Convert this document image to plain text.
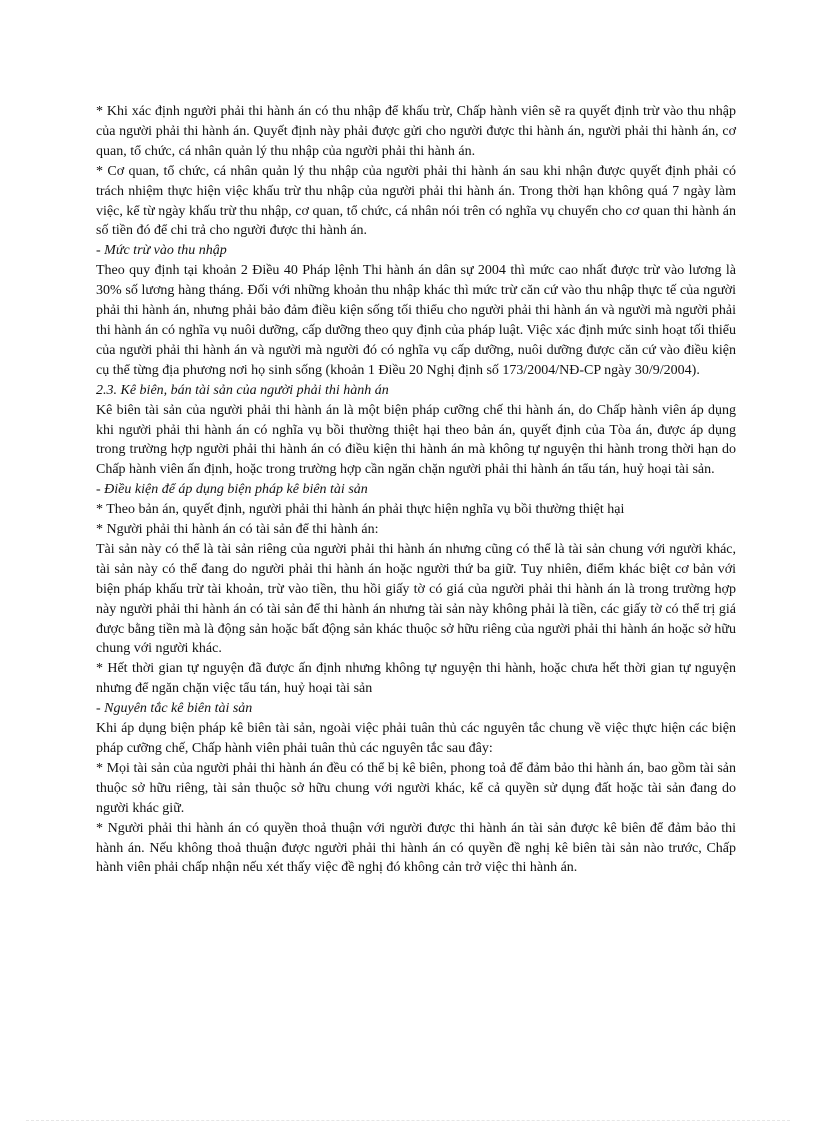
* Khi xác định người phải thi hành án có thu nhập để khấu trừ, Chấp hành viên sẽ ra quyết định trừ vào thu nhập của người phải thi hành án. Quyết định này phải được gửi cho người được thi hành án, người phải thi hành án, cơ quan, tổ chức, cá nhân quản lý thu nhập của người phải thi hành án.

* Cơ quan, tổ chức, cá nhân quản lý thu nhập của người phải thi hành án sau khi nhận được quyết định phải có trách nhiệm thực hiện việc khấu trừ thu nhập của người phải thi hành án. Trong thời hạn không quá 7 ngày làm việc, kể từ ngày khấu trừ thu nhập, cơ quan, tổ chức, cá nhân nói trên có nghĩa vụ chuyển cho cơ quan thi hành án số tiền đó để chi trả cho người được thi hành án.

- Mức trừ vào thu nhập

Theo quy định tại khoản 2 Điều 40 Pháp lệnh Thi hành án dân sự 2004 thì mức cao nhất được trừ vào lương là 30% số lương hàng tháng. Đối với những khoản thu nhập khác thì mức trừ căn cứ vào thu nhập thực tế của người phải thi hành án, nhưng phải bảo đảm điều kiện sống tối thiểu cho người phải thi hành án và người mà người phải thi hành án có nghĩa vụ nuôi dưỡng, cấp dưỡng theo quy định của pháp luật. Việc xác định mức sinh hoạt tối thiểu của người phải thi hành án và người mà người đó có nghĩa vụ cấp dưỡng, nuôi dưỡng được căn cứ vào điều kiện cụ thể từng địa phương nơi họ sinh sống (khoản 1 Điều 20 Nghị định số 173/2004/NĐ-CP ngày 30/9/2004).

2.3. Kê biên, bán tài sản của người phải thi hành án

Kê biên tài sản của người phải thi hành án là một biện pháp cưỡng chế thi hành án, do Chấp hành viên áp dụng khi người phải thi hành án có nghĩa vụ bồi thường thiệt hại theo bản án, quyết định của Tòa án, được áp dụng trong trường hợp người phải thi hành án có điều kiện thi hành án mà không tự nguyện thi hành trong thời hạn do Chấp hành viên ấn định, hoặc trong trường hợp cần ngăn chặn người phải thi hành án tẩu tán, huỷ hoại tài sản.

- Điều kiện để áp dụng biện pháp kê biên tài sản

* Theo bản án, quyết định, người phải thi hành án phải thực hiện nghĩa vụ bồi thường thiệt hại

* Người phải thi hành án có tài sản để thi hành án:

Tài sản này có thể là tài sản riêng của người phải thi hành án nhưng cũng có thể là tài sản chung với người khác, tài sản này có thể đang do người phải thi hành án hoặc người thứ ba giữ. Tuy nhiên, điểm khác biệt cơ bản với biện pháp khấu trừ tài khoản, trừ vào tiền, thu hồi giấy tờ có giá của người phải thi hành án là trong trường hợp này người phải thi hành án có tài sản để thi hành án nhưng tài sản này không phải là tiền, các giấy tờ có thể trị giá được bằng tiền mà là động sản hoặc bất động sản khác thuộc sở hữu riêng của người phải thi hành án hoặc sở hữu chung với người khác.

* Hết thời gian tự nguyện đã được ấn định nhưng không tự nguyện thi hành, hoặc chưa hết thời gian tự nguyện nhưng để ngăn chặn việc tẩu tán, huỷ hoại tài sản

- Nguyên tắc kê biên tài sản

Khi áp dụng biện pháp kê biên tài sản, ngoài việc phải tuân thủ các nguyên tắc chung về việc thực hiện các biện pháp cưỡng chế, Chấp hành viên phải tuân thủ các nguyên tắc sau đây:

* Mọi tài sản của người phải thi hành án đều có thể bị kê biên, phong toả để đảm bảo thi hành án, bao gồm tài sản thuộc sở hữu riêng, tài sản thuộc sở hữu chung với người khác, kể cả quyền sử dụng đất hoặc tài sản đang do người khác giữ.

* Người phải thi hành án có quyền thoả thuận với người được thi hành án tài sản được kê biên để đảm bảo thi hành án. Nếu không thoả thuận được người phải thi hành án có quyền đề nghị kê biên tài sản nào trước, Chấp hành viên phải chấp nhận nếu xét thấy việc đề nghị đó không cản trở việc thi hành án.
